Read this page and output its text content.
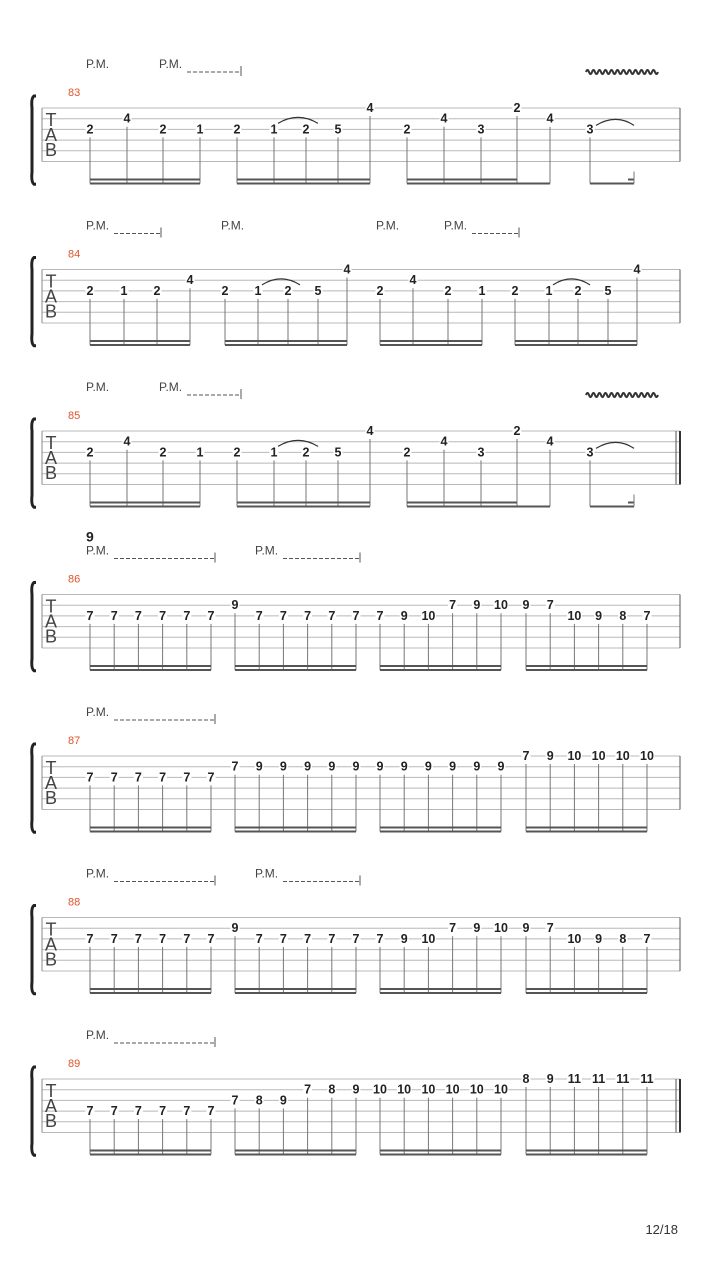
T
A
B
83
P.M.	P.M.
2
4
2 1 2 1 2 5
4
2
4
3
2
4
3
T
A
B
84
P.M.	P.M.	P.M.	P.M.
2 1 2
4
2 1 2 5
4
2
4
2 1 2 1 2 5
4
T
A
B
85
P.M.	P.M.
2
4
2 1 2 1 2 5
4
2
4
3
2
4
3
T
A
B
86
9
P.M.	P.M.
7 7 7 7 7 7
9
7 7 7 7 7 7 9 10
7 9 10 9 7
10 9 8 7
T
A
B
87
P.M.
7 7 7 7 7 7
7 9 9 9 9 9 9 9 9 9 9 9
7 9 10 10 10 10
T
A
B
88
P.M.	P.M.
7 7 7 7 7 7
9
7 7 7 7 7 7 9 10
7 9 10 9 7
10 9 8 7
T
A
B
89
P.M.
7 7 7 7 7 7
7 8 9
7 8 9 10 10 10 10 10 10
8 9 11 11 11 11
12/18
